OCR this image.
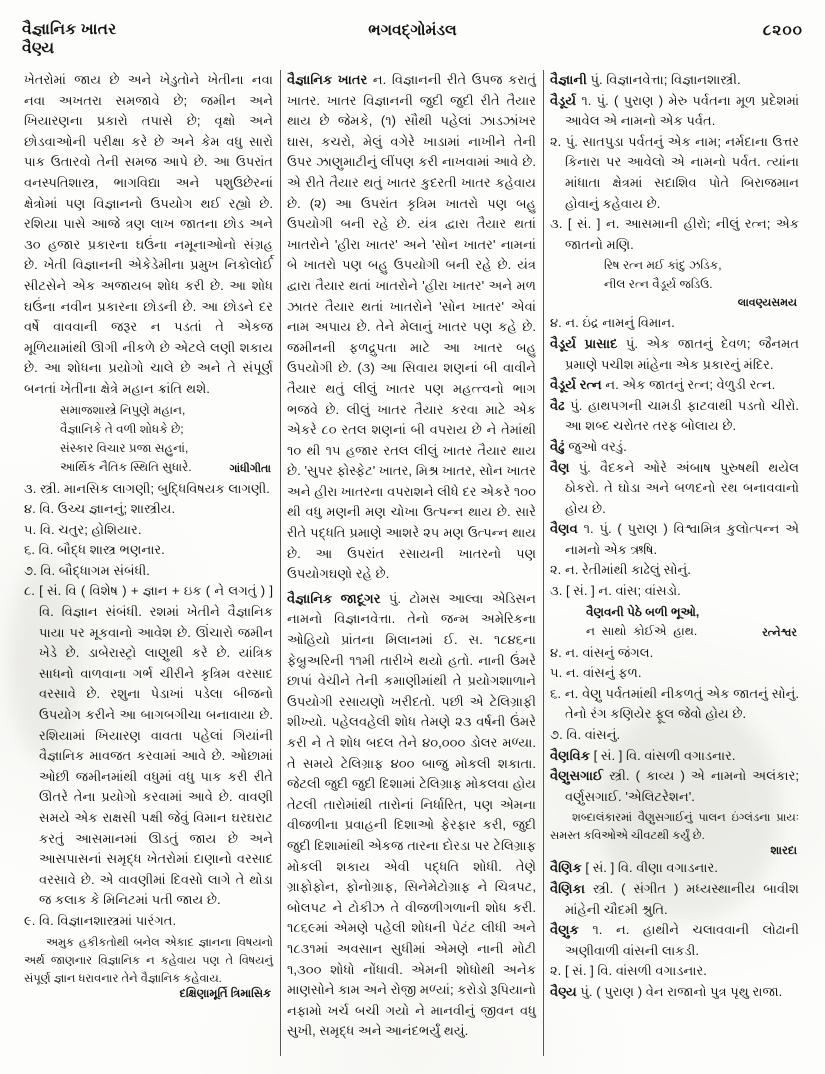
વૈજ્ઞાનિક ખાતર
વૈણ્ય
ભગવદ્ગોમંડલ	૮૨૦૦

ખેતરોમાં જાય છે અને ખેડુતોને ખેતીના નવા નવા અખતરા સમજાવે છે; જમીન અને ખિયારણના પ્રકારો તપાસે છે; વૃક્ષો અને છોડવાઓની પરીક્ષા કરે છે અને કેમ વધુ સારો પાક ઉતારવો તેની સમજ આપે છે. આ ઉપરાંત વનસ્પતિશાસ્ત્ર, ભાગવિદ્યા અને પશુઉછેરનાં ક્ષેત્રોમાં પણ વિજ્ઞાનનો ઉપયોગ થઈ રહ્યો છે. રશિયા પાસે આજે ત્રણ લાખ જાતના છોડ અને ૩૦ હજાર પ્રકારના ઘઉંના નમૂનાઓનો સંગ્રહ છે. ખેતી વિજ્ઞાનની એકેડેમીના પ્રમુખ નિકોલોર્ઈ સીટસેને એક અજાયબ શોધ કરી છે. આ શોધ ઘઉંના નવીન પ્રકારના છોડની છે. આ છોડને દર વર્ષે વાવવાની જરૂર ન પડતાં તે એકજ મૂળિયામાંથી ઊગી નીકળે છે એટલે લણી શકાય છે. આ શોધના પ્રયોગો ચાલે છે અને તે સંપૂર્ણ બનતાં ખેતીના ક્ષેત્રે મહાન ક્રાંતિ થશે.

સમાજશાસ્ત્રે નિપુણે મહાન,
વૈજ્ઞાનિકે તે વળી શોધકે છે;
સંસ્કાર વિચાર પ્રજા સહુનાં,
આર્થિક નૈતિક સ્થિતિ સુધારે.	ગાંધીગીતા

૩. સ્ત્રી. માનસિક લાગણી; બુદ્ધિવિષયક લાગણી.

૪. વિ. ઉચ્ચ જ્ઞાનનું; શાસ્ત્રીય.

૫. વિ. ચતુર; હોશિયાર.

૬. વિ. બૌદ્ધ શાસ્ત્ર ભણનાર.

૭. વિ. બૌદ્ધાગમ સંબંધી.

૮. [ સં. વિ ( વિશેષ ) + જ્ઞાન + ઇક ( ને લગતું ) ] વિ. વિજ્ઞાન સંબંધી. રશમાં ખેતીને વૈજ્ઞાનિક પાયા પર મૂકવાનો આવેશ છે. ઊંચારો જમીન ખેડે છે. ડાબેરાસ્ટ્રો લાણુથી કરે છે. યાંત્રિક સાધનો વાળવાના ગર્ભ ચીરીને કૃત્રિમ વરસાદ વરસાવે છે. રશુના પેડાખાં પડેલા બીજનો ઉપયોગ કરીને આ બાગબગીચા બનાવાયા છે. રશિયામાં ખિયારણ વાવતા પહેલાં ગિયાંની વૈજ્ઞાનિક માવજત કરવામાં આવે છે. ઓછામાં ઓછી જમીનમાંથી વધુમાં વધુ પાક કરી રીતે ઊતરે તેના પ્રયોગો કરવામાં આવે છે. વાવણી સમયે એક રાક્ષસી પક્ષી જેવું વિમાન ઘરઘરાટ કરતું આસમાનમાં ઊડતું જાય છે અને આસપાસનાં સમૃદ્ધ ખેતરોમાં દાણાનો વરસાદ વરસાવે છે. એ વાવણીમાં દિવસો લાગે તે થોડા જ કલાક કે મિનિટમાં પતી જાય છે.

૯. વિ. વિજ્ઞાનશાસ્ત્રમાં પારંગત.

અમુક હકીકતોથી બનેલ એકાદ જ્ઞાનના વિષયનો અર્થ જાણનાર વિજ્ઞાનિક ન કહેવાય પણ તે વિષયનું સંપૂર્ણ જ્ઞાન ધરાવનાર તેને વૈજ્ઞાનિક કહેવાય.

દક્ષિણામૂર્તિ ત્રિમાસિક

વૈજ્ઞાનિક ખાતર ન. વિજ્ઞાનની રીતે ઉપજ કરાતું ખાતર. ખાતર વિજ્ઞાનની જુદી જુદી રીતે તૈયાર થાય છે જેમકે, (૧) સૌથી પહેલાં ઝાડઝાંખર ઘાસ, કચરો, મેલું વગેરે ખાડામાં નાખીને તેની ઉપર ઝાણુમાટીનું લીંપણ કરી નાખવામાં આવે છે. એ રીતે તૈયાર થતું ખાતર કુદરતી ખાતર કહેવાય છે. (૨) આ ઉપરાંત કૃત્રિમ ખાતરો પણ બહુ ઉપયોગી બની રહે છે. યંત્ર દ્વારા તૈયાર થતાં ખાતરોને 'હીરા ખાતર' અને 'સોન ખાતર' નામનાં બે ખાતરો પણ બહુ ઉપયોગી બની રહે છે. યંત્ર દ્વારા તૈયાર થતાં ખાતરોને 'હીરા ખાતર' અને મળ ઝાતર તૈયાર થતાં ખાતરોને 'સોન ખાતર' એવાં નામ અપાય છે. તેને મેલાનું ખાતર પણ કહે છે. જમીનની ફળદ્રુપતા માટે આ ખાતર બહુ ઉપયોગી છે. (૩) આ સિવાય શણનાં બી વાવીને તૈયાર થતું લીલું ખાતર પણ મહત્ત્વનો ભાગ ભજવે છે. લીલું ખાતર તૈયાર કરવા માટે એક એકરે ૮૦ રતલ શણનાં બી વપરાય છે ને તેમાંથી ૧૦ થી ૧૫ હજાર રતલ લીલું ખાતર તૈયાર થાય છે. 'સુપર ફોસ્ફેટ' ખાતર, મિશ્ર ખાતર, સોન ખાતર અને હીરા ખાતરના વપરાશને લીધે દર એકરે ૧૦૦ થી વધુ મણની મણ ચોખા ઉત્પન્ન થાય છે. સારે રીતે પદ્ધતિ પ્રમાણે આશરે ૨૫ મણ ઉત્પન્ન થાય છે. આ ઉપરાંત રસાયની ખાતરનો પણ ઉપયોગઘણો રહે છે.

વૈજ્ઞાનિક જાદૂગર પું. ટોમસ આલ્વા એડિસન નામનો વિજ્ઞાનવેત્તા. તેનો જન્મ અમેરિકના ઓહિયો પ્રાંતના મિલાનમાં ઈ. સ. ૧૮૪૬ના ફેબ્રુઅરિની ૧૧મી તારીખે થયો હતો. નાની ઉંમરે છાપાં વેચીને તેની કમાણીમાંથી તે પ્રયોગશાળાને ઉપયોગી રસાયણો ખરીદતો. પછી એ ટેલિગ્રાફી શીખ્યો. પહેલવહેલી શોધ તેમણે ૨૩ વર્ષની ઉંમરે કરી ને તે શોધ બદલ તેને ૪૦,૦૦૦ ડોલર મળ્યા. તે સમયે ટેલિગ્રાફ ૪૦૦ બાજુ મોકલી શકાતા. જેટલી જુદી જુદી દિશામાં ટેલિગ્રાફ મોકલવા હોય તેટલી તારોમાંથી તારોનાં નિર્ધારિત, પણ એમના વીજળીના પ્રવાહની દિશાઓ ફેરફાર કરી, જુદી જુદી દિશામાંથી એકજ તારના દોરડા પર ટેલિગ્રાફ મોકલી શકાય એવી પદ્ધતિ શોધી. તેણે ગ્રાફોફોન, ફોનોગ્રાફ, સિનેમેટોગ્રાફ ને ચિત્રપટ, બોલપટ ને ટોકીઝ તે વીજળીગળાની શોધ કરી. ૧૮૬૯માં એમણે પહેલી શોધની પેટંટ લીધી અને ૧૮૩૧માં અવસાન સુધીમાં એમણે નાની મોટી ૧,૩૦૦ શોધો નોંધાવી. એમની શોધોથી અનેક માણસોને કામ અને રોજી મળ્યાં; કરોડો રૂપિયાનો નફામો ખર્ચ બચી ગયો ને માનવીનું જીવન વધુ સુખી, સમૃદ્ધ અને આનંદભર્યું થયું.

વૈજ્ઞાની પું. વિજ્ઞાનવેત્તા; વિજ્ઞાનશાસ્ત્રી.

વૈડૂર્ય ૧. પું. ( પુરાણ ) મેરુ પર્વતના મૂળ પ્રદેશમાં આવેલ એ નામનો એક પર્વત.

૨. પું. સાતપુડા પર્વતનું એક નામ; નર્મદાના ઉત્તર કિનારા પર આવેલો એ નામનો પર્વત. ત્યાંના માંધાતા ક્ષેત્રમાં સદાશિવ પોતે બિરાજમાન હોવાનું કહેવાય છે.

૩. [ સં. ] ન. આસમાની હીરો; નીલું રત્ન; એક જાતનો મણિ.

રિષ રત્ન મઈ કાંદુ ઝડિક,
નીલ રત્ન વૈડૂર્ય જડિઉ.
લાવણ્યસમય

૪. ન. ઇંદ્ર નામનું વિમાન.

વૈડૂર્ય પ્રાસાદ પું. એક જાતનું દેવળ; જૈનમત પ્રમાણે પચીશ માંહેના એક પ્રકારનું મંદિર.

વૈડૂર્ય રત્ન ન. એક જાતનું રત્ન; વેળુડી રત્ન.

વૈઢ પું. હાથપગની ચામડી ફાટવાથી પડતો ચીરો. આ શબ્દ ચરોતર તરફ બોલાય છે.

વૈઢું જુઓ વરડું.

વૈણ પું. વૈદકને ઓરે અંબાષ પુરુષથી થયેલ ઠોકરો. તે ઘોડા અને બળદનો રથ બનાવવાનો હોય છે.

વૈણવ ૧. પું. ( પુરાણ ) વિશ્વામિત્ર કુલોત્પન્ન એ નામનો એક ઋષિ.

૨. ન. રેતીમાંથી કાઢેલું સોનું.

૩. [ સં. ] ન. વાંસ; વાંસડો.

વૈણવની પેઠે બળી ભૂઓ,
ન  સાથો  કોઈએ  હાથ.	રત્નેશ્વર

૪. ન. વાંસનું જંગલ.

૫. ન. વાંસનું ફળ.

૬. ન. વેણુ પર્વતમાંથી નીકળતું એક જાતનું સોનું. તેનો રંગ કણિયેર ફૂલ જેવો હોય છે.

૭. વિ. વાંસનું.

વૈણવિક [ સં. ] વિ. વાંસળી વગાડનાર.

વૈણુસગાઈ સ્ત્રી. ( કાવ્ય ) એ નામનો અલંકાર; વર્ણુસગાઈ. 'એલિટરેશન'.

શબ્દાલંકારમાં વૈણુસગાઈનું પાલન ઇંગ્લંડના પ્રાયઃ સમસ્ત કવિઓએ ચીવટથી કર્યું છે.

શારદા

વૈણિક [ સં. ] વિ. વીણા વગાડનાર.

વૈણિકા સ્ત્રી. ( સંગીત ) મધ્યસ્થાનીય બાવીશ માંહેની ચૌદમી શ્રુતિ.

વૈણુક ૧. ન. હાથીને ચલાવવાની લોઢાની અણીવાળી વાંસની લાકડી.

૨. [ સં. ] વિ. વાંસળી વગાડનાર.

વૈણ્ય પું. ( પુરાણ ) વેન રાજાનો પુત્ર પૃથુ રાજા.
